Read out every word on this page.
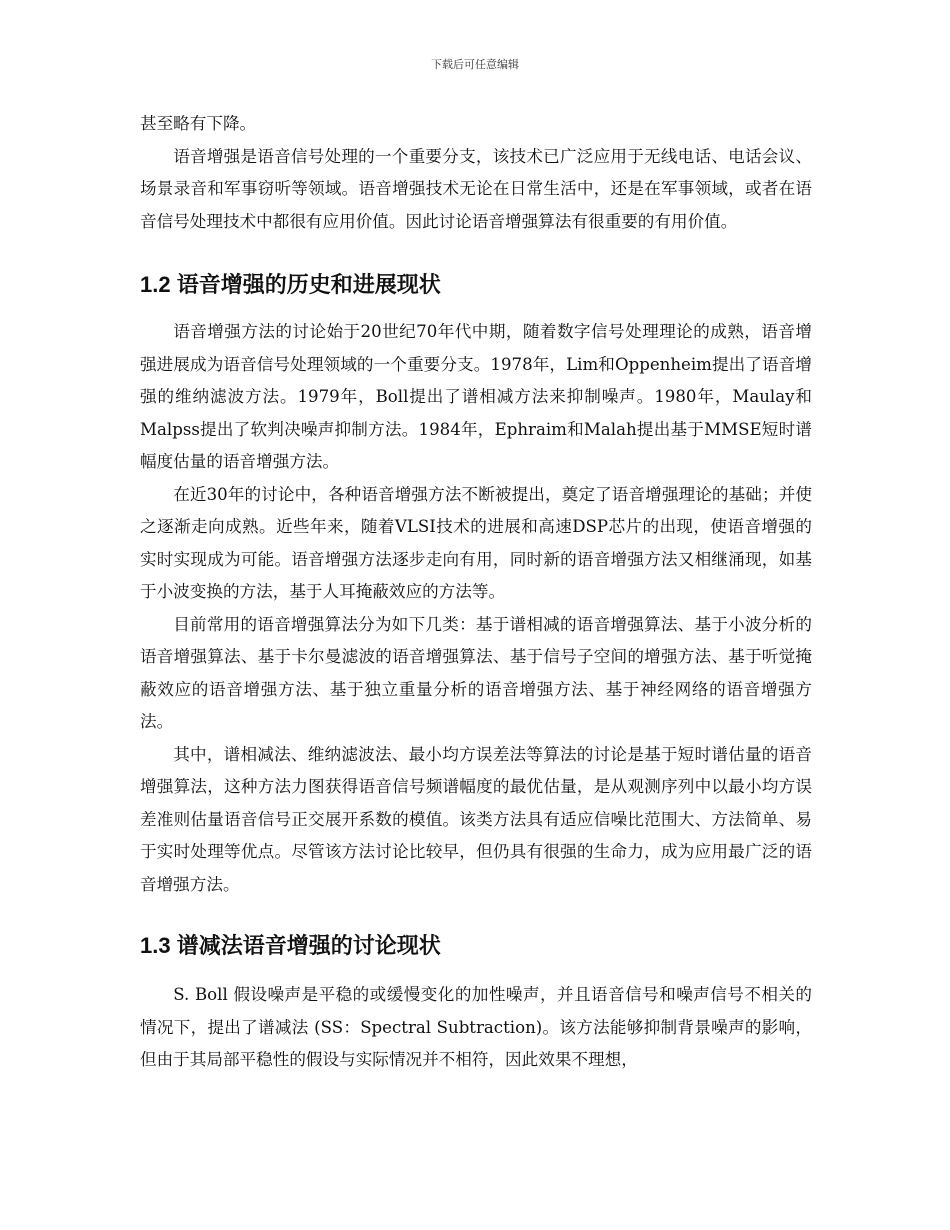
下载后可任意编辑

甚至略有下降。

语音增强是语音信号处理的一个重要分支，该技术已广泛应用于无线电话、电话会议、场景录音和军事窃听等领域。语音增强技术无论在日常生活中，还是在军事领域，或者在语音信号处理技术中都很有应用价值。因此讨论语音增强算法有很重要的有用价值。

1.2 语音增强的历史和进展现状

语音增强方法的讨论始于20世纪70年代中期，随着数字信号处理理论的成熟，语音增强进展成为语音信号处理领域的一个重要分支。1978年，Lim和Oppenheim提出了语音增强的维纳滤波方法。1979年，Boll提出了谱相减方法来抑制噪声。1980年，Maulay和Malpss提出了软判决噪声抑制方法。1984年，Ephraim和Malah提出基于MMSE短时谱幅度估量的语音增强方法。

在近30年的讨论中，各种语音增强方法不断被提出，奠定了语音增强理论的基础；并使之逐渐走向成熟。近些年来，随着VLSI技术的进展和高速DSP芯片的出现，使语音增强的实时实现成为可能。语音增强方法逐步走向有用，同时新的语音增强方法又相继涌现，如基于小波变换的方法，基于人耳掩蔽效应的方法等。

目前常用的语音增强算法分为如下几类：基于谱相减的语音增强算法、基于小波分析的语音增强算法、基于卡尔曼滤波的语音增强算法、基于信号子空间的增强方法、基于听觉掩蔽效应的语音增强方法、基于独立重量分析的语音增强方法、基于神经网络的语音增强方法。

其中，谱相减法、维纳滤波法、最小均方误差法等算法的讨论是基于短时谱估量的语音增强算法，这种方法力图获得语音信号频谱幅度的最优估量，是从观测序列中以最小均方误差准则估量语音信号正交展开系数的模值。该类方法具有适应信噪比范围大、方法简单、易于实时处理等优点。尽管该方法讨论比较早，但仍具有很强的生命力，成为应用最广泛的语音增强方法。

1.3 谱减法语音增强的讨论现状

S. Boll 假设噪声是平稳的或缓慢变化的加性噪声，并且语音信号和噪声信号不相关的情况下，提出了谱减法 (SS：Spectral Subtraction)。该方法能够抑制背景噪声的影响，但由于其局部平稳性的假设与实际情况并不相符，因此效果不理想，
